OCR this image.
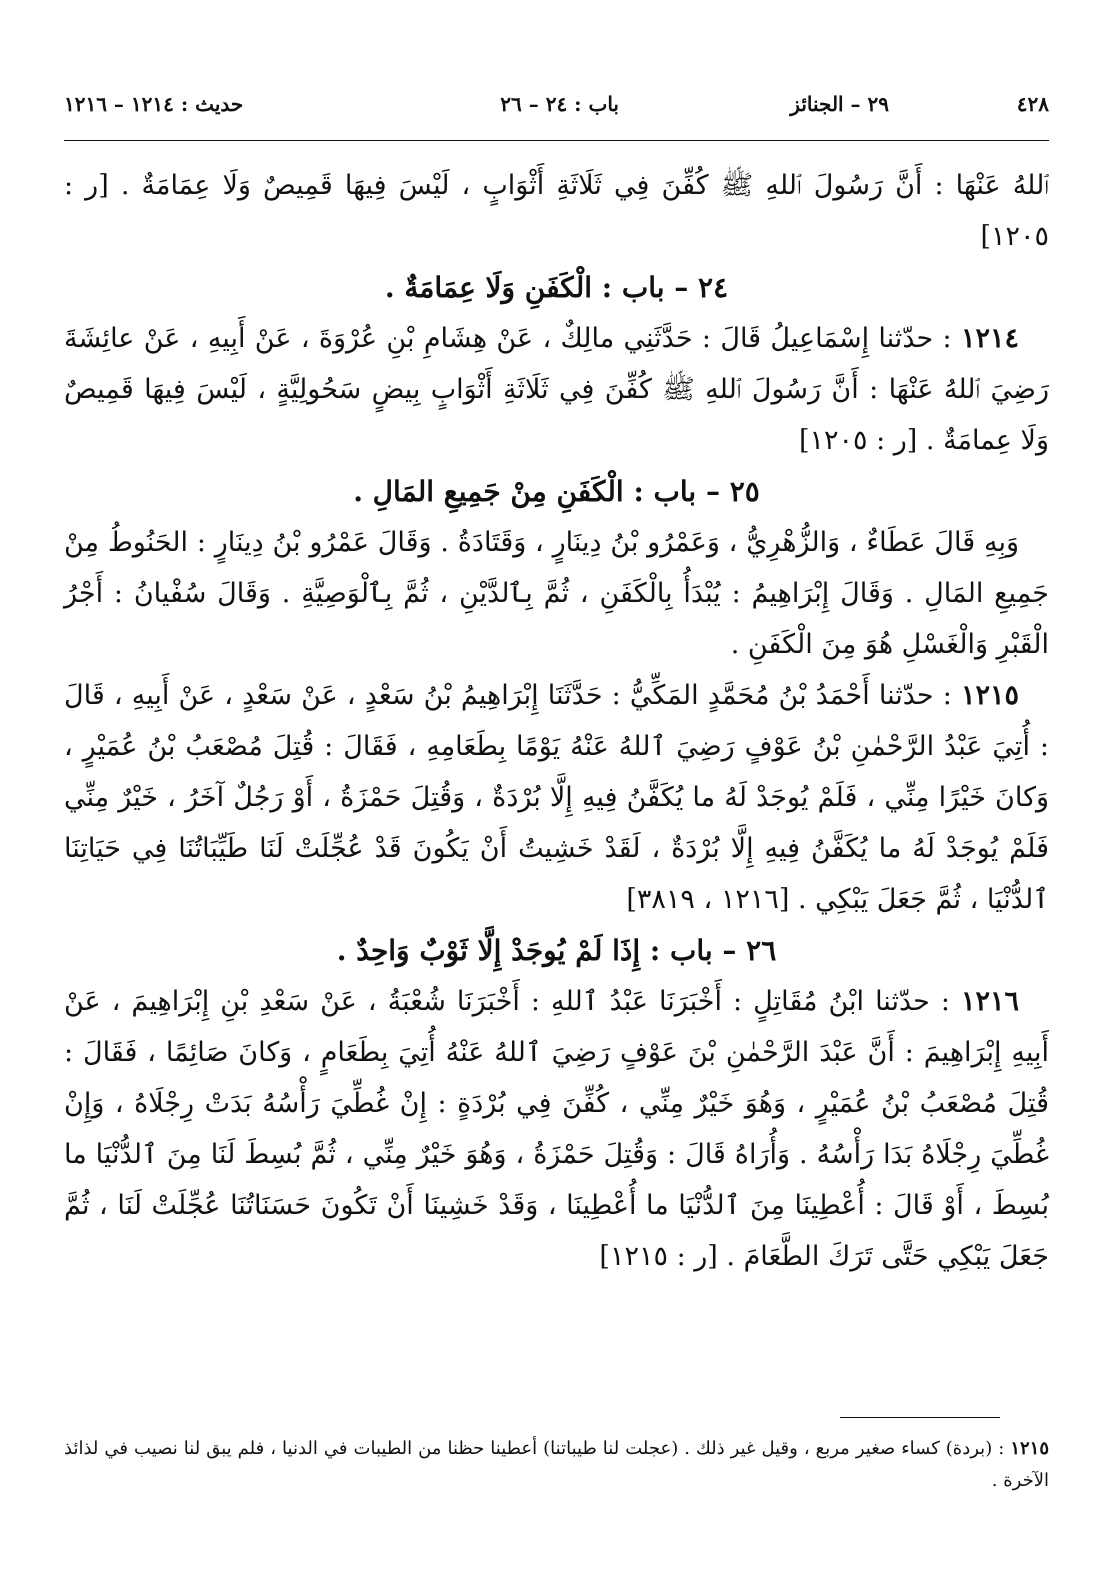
٤٢٨
٢٩ – الجنائز
باب : ٢٤ – ٢٦
حديث : ١٢١٤ – ١٢١٦

ٱللهُ عَنْهَا : أَنَّ رَسُولَ ٱللهِ ﷺ كُفِّنَ فِي ثَلَاثَةِ أَثْوَابٍ ، لَيْسَ فِيهَا قَمِيصٌ وَلَا عِمَامَةٌ . [ر : ١٢٠٥]

٢٤ – باب : الْكَفَنِ وَلَا عِمَامَةٌ .

١٢١٤ : حدّثنا إِسْمَاعِيلُ قَالَ : حَدَّثَنِي مالِكٌ ، عَنْ هِشَامِ بْنِ عُرْوَةَ ، عَنْ أَبِيهِ ، عَنْ عائِشَةَ رَضِيَ ٱللهُ عَنْهَا : أَنَّ رَسُولَ ٱللهِ ﷺ كُفِّنَ فِي ثَلَاثَةِ أَثْوَابٍ بِيضٍ سَحُولِيَّةٍ ، لَيْسَ فِيهَا قَمِيصٌ وَلَا عِمامَةٌ . [ر : ١٢٠٥]

٢٥ – باب : الْكَفَنِ مِنْ جَمِيعِ المَالِ .

وَبِهِ قَالَ عَطَاءٌ ، وَالزُّهْرِيُّ ، وَعَمْرُو بْنُ دِينَارٍ ، وَقَتَادَةُ . وَقَالَ عَمْرُو بْنُ دِينَارٍ : الحَنُوطُ مِنْ جَمِيعِ المَالِ . وَقَالَ إِبْرَاهِيمُ : يُبْدَأُ بِالْكَفَنِ ، ثُمَّ بِٱلدَّيْنِ ، ثُمَّ بِٱلْوَصِيَّةِ . وَقَالَ سُفْيانُ : أَجْرُ الْقَبْرِ وَالْغَسْلِ هُوَ مِنَ الْكَفَنِ .

١٢١٥ : حدّثنا أَحْمَدُ بْنُ مُحَمَّدٍ المَكِّيُّ : حَدَّثَنَا إِبْرَاهِيمُ بْنُ سَعْدٍ ، عَنْ سَعْدٍ ، عَنْ أَبِيهِ ، قَالَ : أُتِيَ عَبْدُ الرَّحْمٰنِ بْنُ عَوْفٍ رَضِيَ ٱللهُ عَنْهُ يَوْمًا بِطَعَامِهِ ، فَقَالَ : قُتِلَ مُصْعَبُ بْنُ عُمَيْرٍ ، وَكانَ خَيْرًا مِنِّي ، فَلَمْ يُوجَدْ لَهُ ما يُكَفَّنُ فِيهِ إِلَّا بُرْدَةٌ ، وَقُتِلَ حَمْزَةُ ، أَوْ رَجُلٌ آخَرُ ، خَيْرٌ مِنِّي فَلَمْ يُوجَدْ لَهُ ما يُكَفَّنُ فِيهِ إِلَّا بُرْدَةٌ ، لَقَدْ خَشِيتُ أَنْ يَكُونَ قَدْ عُجِّلَتْ لَنَا طَيِّبَاتُنَا فِي حَيَاتِنَا ٱلدُّنْيَا ، ثُمَّ جَعَلَ يَبْكِي . [١٢١٦ ، ٣٨١٩]

٢٦ – باب : إِذَا لَمْ يُوجَدْ إِلَّا ثَوْبٌ وَاحِدٌ .

١٢١٦ : حدّثنا ابْنُ مُقَاتِلٍ : أَخْبَرَنَا عَبْدُ ٱللهِ : أَخْبَرَنَا شُعْبَةُ ، عَنْ سَعْدِ بْنِ إِبْرَاهِيمَ ، عَنْ أَبِيهِ إِبْرَاهِيمَ : أَنَّ عَبْدَ الرَّحْمٰنِ بْنَ عَوْفٍ رَضِيَ ٱللهُ عَنْهُ أُتِيَ بِطَعَامٍ ، وَكانَ صَائِمًا ، فَقَالَ : قُتِلَ مُصْعَبُ بْنُ عُمَيْرٍ ، وَهُوَ خَيْرٌ مِنِّي ، كُفِّنَ فِي بُرْدَةٍ : إِنْ غُطِّيَ رَأْسُهُ بَدَتْ رِجْلَاهُ ، وَإِنْ غُطِّيَ رِجْلَاهُ بَدَا رَأْسُهُ . وَأُرَاهُ قَالَ : وَقُتِلَ حَمْزَةُ ، وَهُوَ خَيْرٌ مِنِّي ، ثُمَّ بُسِطَ لَنَا مِنَ ٱلدُّنْيَا ما بُسِطَ ، أَوْ قَالَ : أُعْطِينَا مِنَ ٱلدُّنْيَا ما أُعْطِينَا ، وَقَدْ خَشِينَا أَنْ تَكُونَ حَسَنَاتُنَا عُجِّلَتْ لَنَا ، ثُمَّ جَعَلَ يَبْكِي حَتَّى تَرَكَ الطَّعَامَ . [ر : ١٢١٥]

١٢١٥ : (بردة) كساء صغير مربع ، وقيل غير ذلك . (عجلت لنا طيباتنا) أعطينا حظنا من الطيبات في الدنيا ، فلم يبق لنا نصيب في لذائذ الآخرة .
